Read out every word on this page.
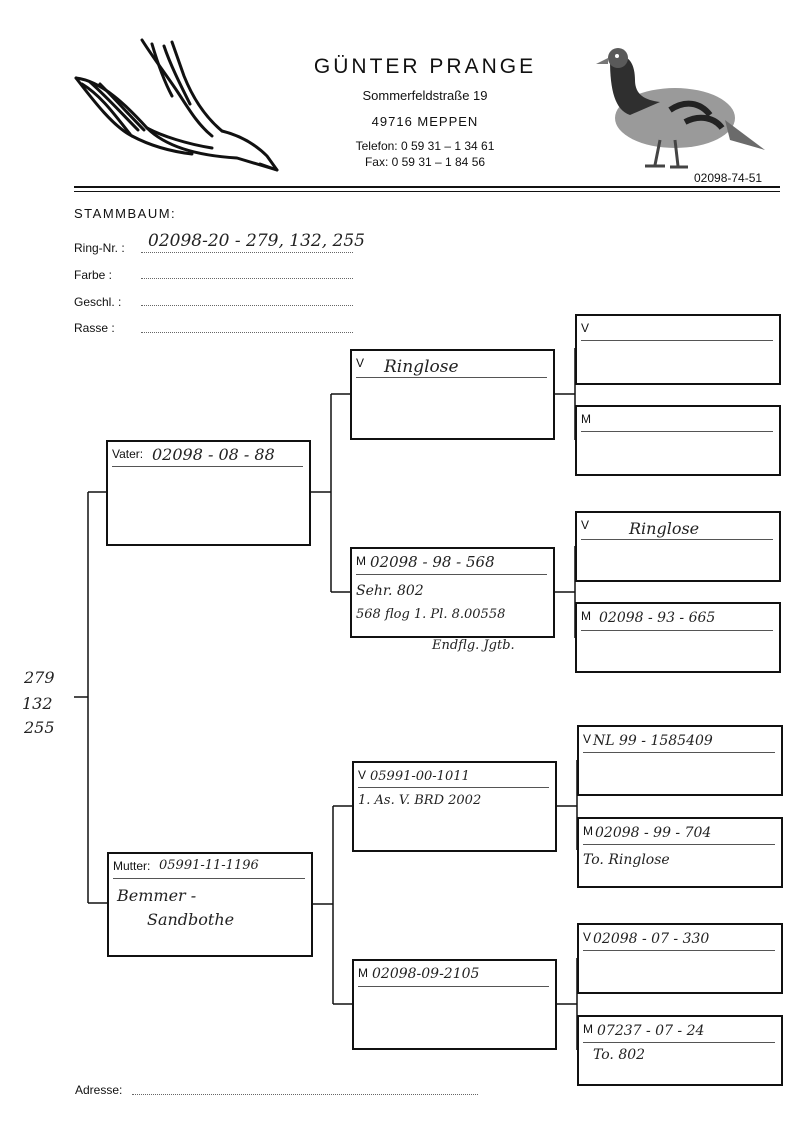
GÜNTER PRANGE
Sommerfeldstraße 19
49716 MEPPEN
Telefon: 0 59 31 – 1 34 61
Fax: 0 59 31 – 1 84 56
02098-74-51
STAMMBAUM:
Ring-Nr. : 02098-20 - 279, 132, 255
Farbe :
Geschl. :
Rasse :
279
132
255
Vater: 02098 - 08 - 88
Mutter: 05991-11-1196
Bemmer -
Sandbothe
V Ringlose
M 02098 - 98 - 568
Sehr. 802
568 flog 1. Pl. 8.00558
Endflg. Jgtb.
V 05991-00-1011
1. As. V. BRD 2002
M 02098-09-2105
V
M
V Ringlose
M 02098 - 93 - 665
V NL 99 - 1585409
M 02098 - 99 - 704
To. Ringlose
V 02098 - 07 - 330
M 07237 - 07 - 24
To. 802
Adresse:
